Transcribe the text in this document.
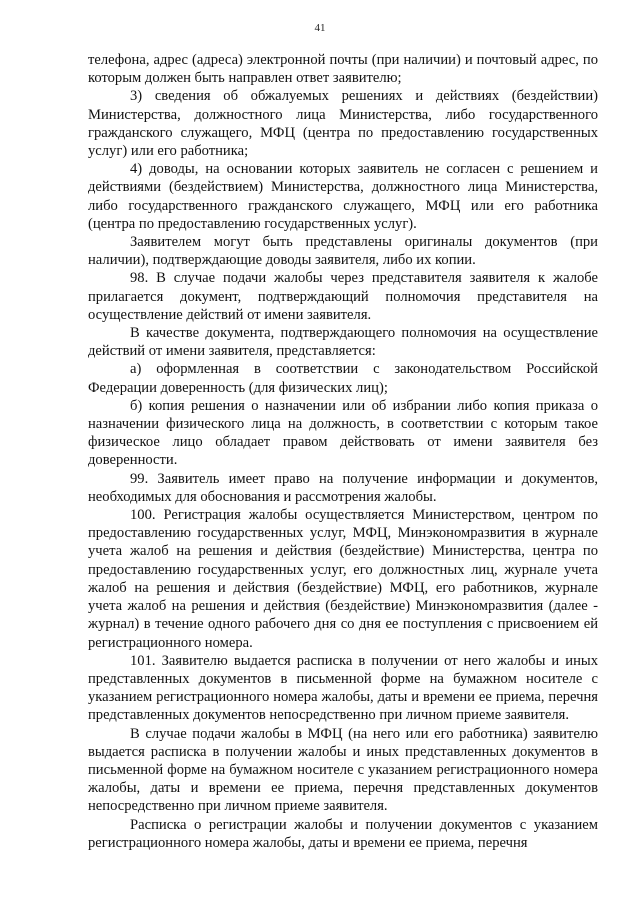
41

телефона, адрес (адреса) электронной почты (при наличии) и почтовый адрес, по которым должен быть направлен ответ заявителю;

3) сведения об обжалуемых решениях и действиях (бездействии) Министерства, должностного лица Министерства, либо государственного гражданского служащего, МФЦ (центра по предоставлению государственных услуг) или его работника;

4) доводы, на основании которых заявитель не согласен с решением и действиями (бездействием) Министерства, должностного лица Министерства, либо государственного гражданского служащего, МФЦ или его работника (центра по предоставлению государственных услуг).

Заявителем могут быть представлены оригиналы документов (при наличии), подтверждающие доводы заявителя, либо их копии.

98. В случае подачи жалобы через представителя заявителя к жалобе прилагается документ, подтверждающий полномочия представителя на осуществление действий от имени заявителя.

В качестве документа, подтверждающего полномочия на осуществление действий от имени заявителя, представляется:

а) оформленная в соответствии с законодательством Российской Федерации доверенность (для физических лиц);

б) копия решения о назначении или об избрании либо копия приказа о назначении физического лица на должность, в соответствии с которым такое физическое лицо обладает правом действовать от имени заявителя без доверенности.

99. Заявитель имеет право на получение информации и документов, необходимых для обоснования и рассмотрения жалобы.

100. Регистрация жалобы осуществляется Министерством, центром по предоставлению государственных услуг, МФЦ, Минэкономразвития в журнале учета жалоб на решения и действия (бездействие) Министерства, центра по предоставлению государственных услуг, его должностных лиц, журнале учета жалоб на решения и действия (бездействие) МФЦ, его работников, журнале учета жалоб на решения и действия (бездействие) Минэкономразвития (далее - журнал) в течение одного рабочего дня со дня ее поступления с присвоением ей регистрационного номера.

101. Заявителю выдается расписка в получении от него жалобы и иных представленных документов в письменной форме на бумажном носителе с указанием регистрационного номера жалобы, даты и времени ее приема, перечня представленных документов непосредственно при личном приеме заявителя.

В случае подачи жалобы в МФЦ (на него или его работника) заявителю выдается расписка в получении жалобы и иных представленных документов в письменной форме на бумажном носителе с указанием регистрационного номера жалобы, даты и времени ее приема, перечня представленных документов непосредственно при личном приеме заявителя.

Расписка о регистрации жалобы и получении документов с указанием регистрационного номера жалобы, даты и времени ее приема, перечня
